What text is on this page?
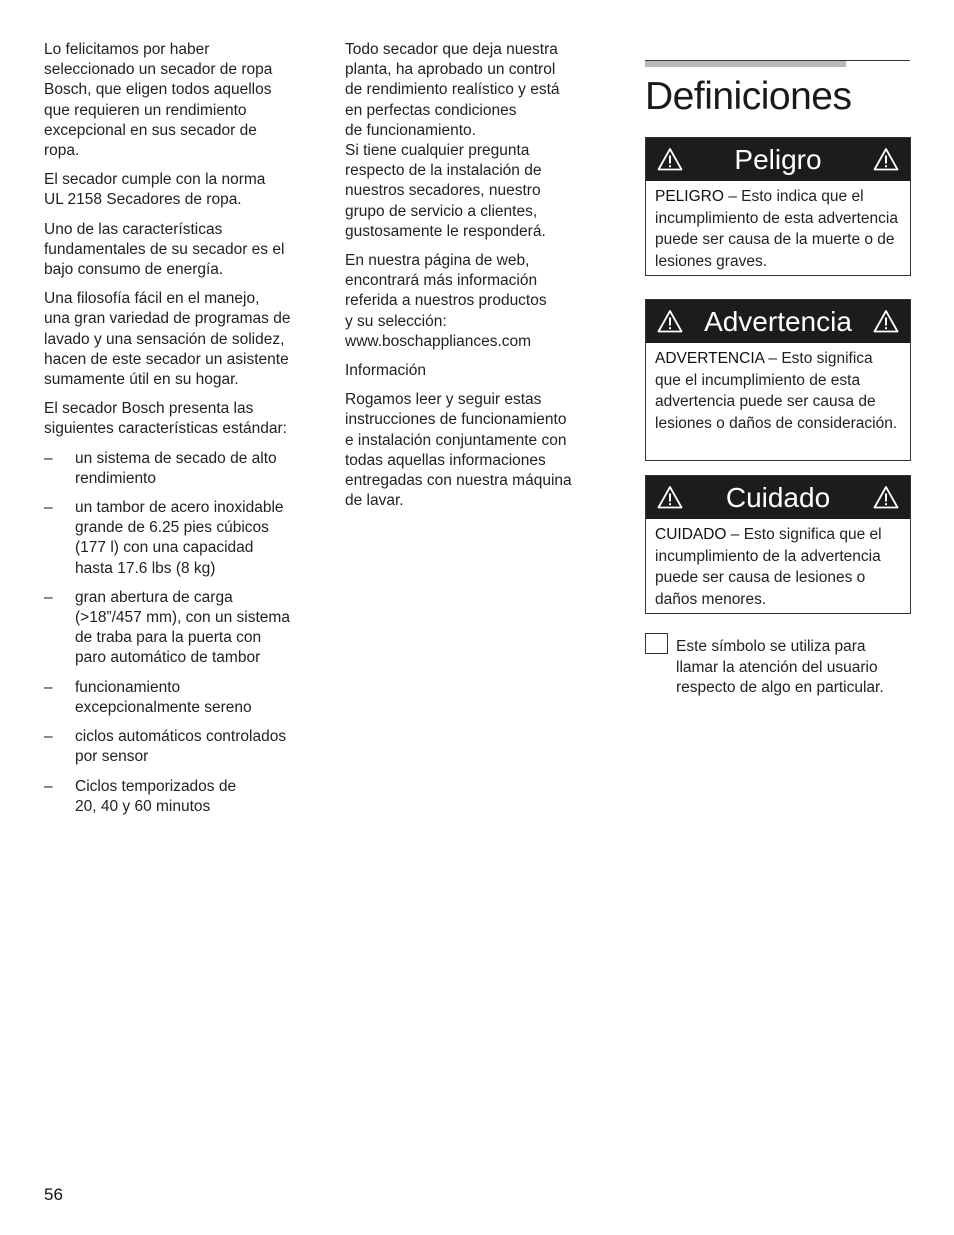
Lo felicitamos por haber
seleccionado un secador de ropa
Bosch, que eligen todos aquellos
que requieren un rendimiento
excepcional en sus secador de
ropa.

El secador cumple con la norma
UL 2158 Secadores de ropa.

Uno de las características
fundamentales de su secador es el
bajo consumo de energía.

Una filosofía fácil en el manejo,
una gran variedad de programas de
lavado y una sensación de solidez,
hacen de este secador un asistente
sumamente útil en su hogar.

El secador Bosch presenta las
siguientes características estándar:

– un sistema de secado de alto
rendimiento
– un tambor de acero inoxidable
grande de 6.25 pies cúbicos
(177 l) con una capacidad
hasta 17.6 lbs (8 kg)
– gran abertura de carga
(>18”/457 mm), con un sistema
de traba para la puerta con
paro automático de tambor
– funcionamiento
excepcionalmente sereno
– ciclos automáticos controlados
por sensor
– Ciclos temporizados de
20, 40 y 60 minutos

Todo secador que deja nuestra
planta, ha aprobado un control
de rendimiento realístico y está
en perfectas condiciones
de funcionamiento.
Si tiene cualquier pregunta
respecto de la instalación de
nuestros secadores, nuestro
grupo de servicio a clientes,
gustosamente le responderá.

En nuestra página de web,
encontrará más información
referida a nuestros productos
y su selección:
www.boschappliances.com

Información

Rogamos leer y seguir estas
instrucciones de funcionamiento
e instalación conjuntamente con
todas aquellas informaciones
entregadas con nuestra máquina
de lavar.

Definiciones
Peligro
PELIGRO – Esto indica que el incumplimiento de esta advertencia puede ser causa de la muerte o de lesiones graves.
Advertencia
ADVERTENCIA – Esto significa que el incumplimiento de esta advertencia puede ser causa de lesiones o daños de consideración.
Cuidado
CUIDADO – Esto significa que el incumplimiento de la advertencia puede ser causa de lesiones o daños menores.
Este símbolo se utiliza para
llamar la atención del usuario
respecto de algo en particular.
56
